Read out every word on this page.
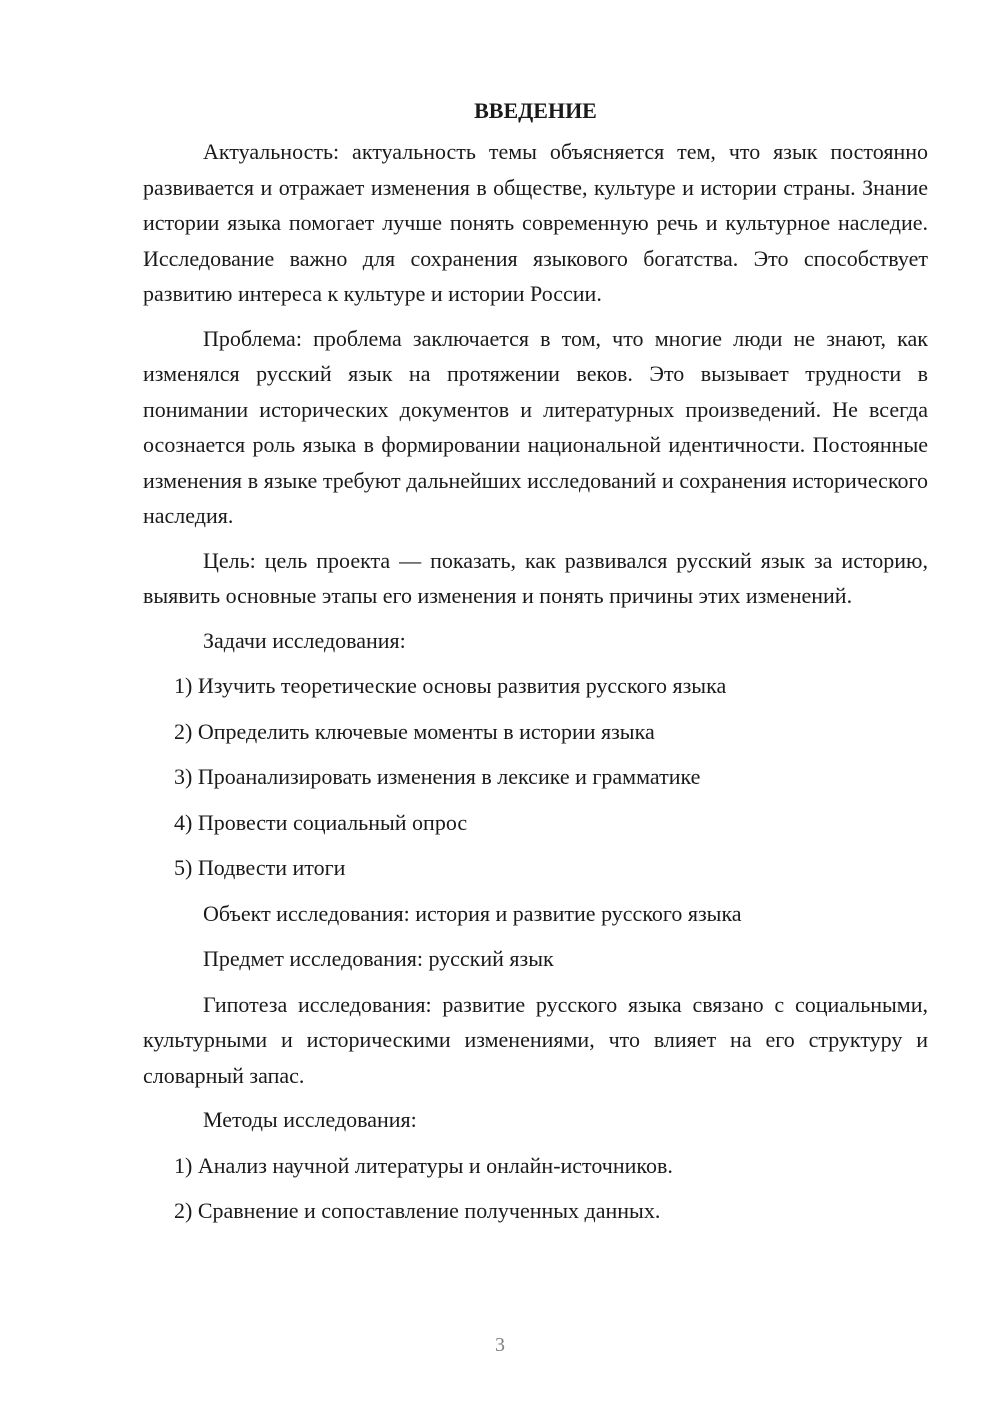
ВВЕДЕНИЕ

Актуальность: актуальность темы объясняется тем, что язык постоянно развивается и отражает изменения в обществе, культуре и истории страны. Знание истории языка помогает лучше понять современную речь и культурное наследие. Исследование важно для сохранения языкового богатства. Это способствует развитию интереса к культуре и истории России.

Проблема: проблема заключается в том, что многие люди не знают, как изменялся русский язык на протяжении веков. Это вызывает трудности в понимании исторических документов и литературных произведений. Не всегда осознается роль языка в формировании национальной идентичности. Постоянные изменения в языке требуют дальнейших исследований и сохранения исторического наследия.

Цель: цель проекта — показать, как развивался русский язык за историю, выявить основные этапы его изменения и понять причины этих изменений.

Задачи исследования:
1) Изучить теоретические основы развития русского языка
2) Определить ключевые моменты в истории языка
3) Проанализировать изменения в лексике и грамматике
4) Провести социальный опрос
5) Подвести итоги
Объект исследования: история и развитие русского языка
Предмет исследования: русский язык

Гипотеза исследования: развитие русского языка связано с социальными, культурными и историческими изменениями, что влияет на его структуру и словарный запас.

Методы исследования:
1) Анализ научной литературы и онлайн-источников.
2) Сравнение и сопоставление полученных данных.
3
